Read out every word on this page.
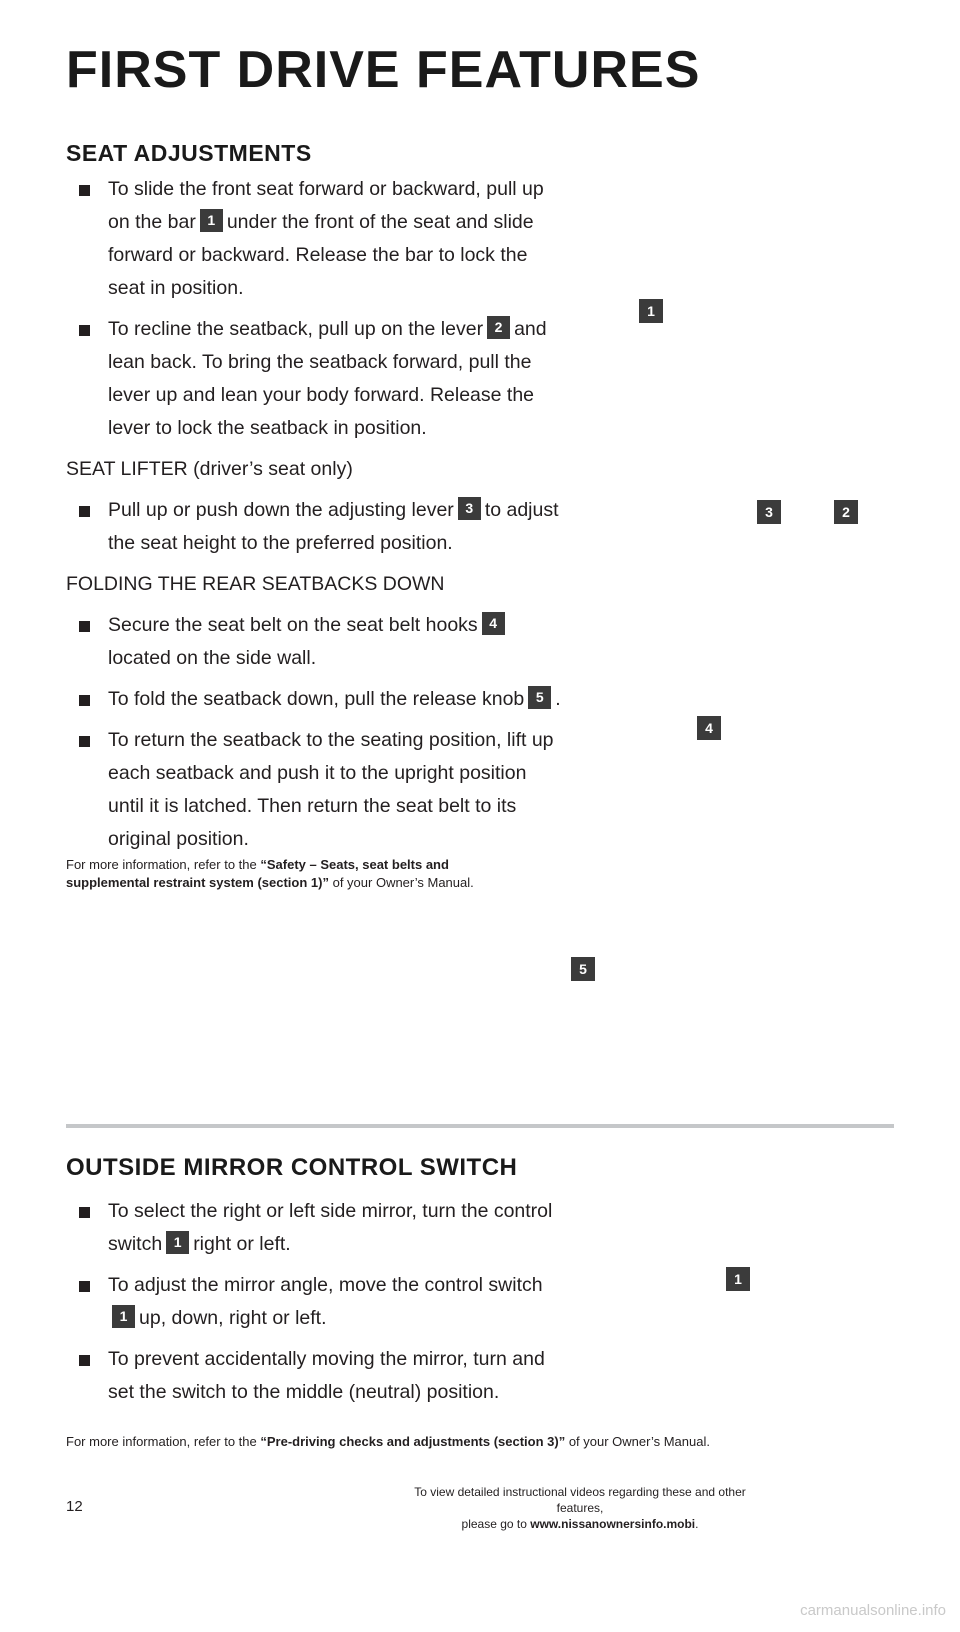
FIRST DRIVE FEATURES
SEAT ADJUSTMENTS

To slide the front seat forward or backward, pull up on the bar 1 under the front of the seat and slide forward or backward. Release the bar to lock the seat in position.

To recline the seatback, pull up on the lever 2 and lean back. To bring the seatback forward, pull the lever up and lean your body forward. Release the lever to lock the seatback in position.

SEAT LIFTER (driver’s seat only)

Pull up or push down the adjusting lever 3 to adjust the seat height to the preferred position.

FOLDING THE REAR SEATBACKS DOWN

Secure the seat belt on the seat belt hooks 4located on the side wall.

To fold the seatback down, pull the release knob 5 .

To return the seatback to the seating position, lift up each seatback and push it to the upright position until it is latched. Then return the seat belt to its original position.

For more information, refer to the “Safety – Seats, seat belts and supplemental restraint system (section 1)” of your Owner’s Manual.

1
3	2
4
5
OUTSIDE MIRROR CONTROL SWITCH

To select the right or left side mirror, turn the control switch 1 right or left.

To adjust the mirror angle, move the control switch1 up, down, right or left.

To prevent accidentally moving the mirror, turn and set the switch to the middle (neutral) position.

1

For more information, refer to the “Pre-driving checks and adjustments (section 3)” of your Owner’s Manual.

12
To view detailed instructional videos regarding these and other features,
please go to www.nissanownersinfo.mobi.
carmanualsonline.info
